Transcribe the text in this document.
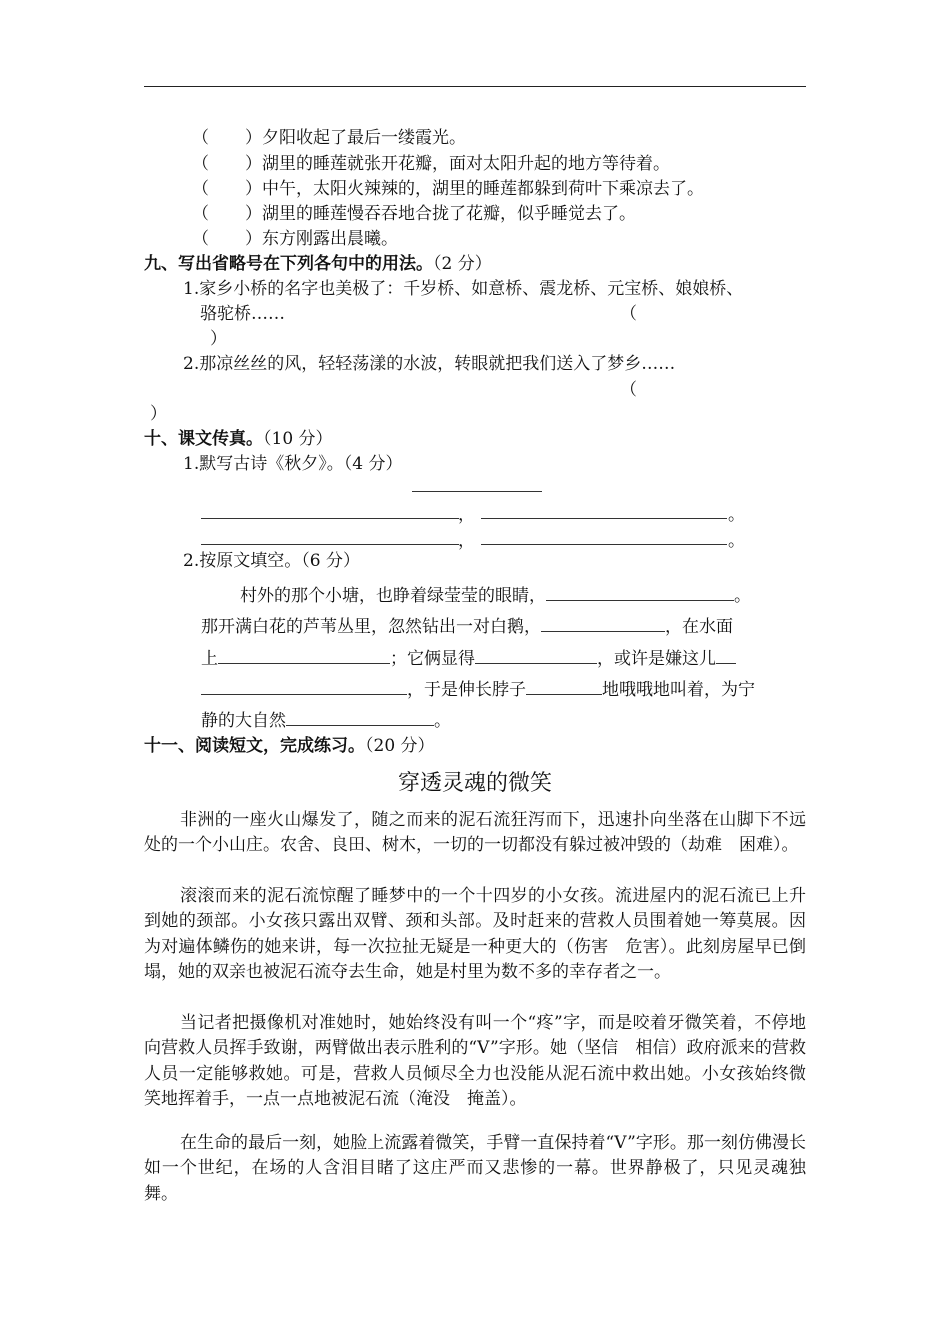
（ ）夕阳收起了最后一缕霞光。
（ ）湖里的睡莲就张开花瓣，面对太阳升起的地方等待着。
（ ）中午，太阳火辣辣的，湖里的睡莲都躲到荷叶下乘凉去了。
（ ）湖里的睡莲慢吞吞地合拢了花瓣，似乎睡觉去了。
（ ）东方刚露出晨曦。
九、写出省略号在下列各句中的用法。（2 分）
1.家乡小桥的名字也美极了：千岁桥、如意桥、震龙桥、元宝桥、娘娘桥、
骆驼桥……	（
）
2.那凉丝丝的风，轻轻荡漾的水波，转眼就把我们送入了梦乡……
（
）
十、课文传真。（10 分）
1.默写古诗《秋夕》。（4 分）
，	。
，	。
2.按原文填空。（6 分）
村外的那个小塘，也睁着绿莹莹的眼睛，	。
那开满白花的芦苇丛里，忽然钻出一对白鹅，	，在水面
上	；它俩显得	，或许是嫌这儿
，于是伸长脖子	地哦哦地叫着，为宁
静的大自然	。
十一、阅读短文，完成练习。（20 分）
穿透灵魂的微笑
非洲的一座火山爆发了，随之而来的泥石流狂泻而下，迅速扑向坐落在山脚下不远处的一个小山庄。农舍、良田、树木，一切的一切都没有躲过被冲毁的（劫难　困难）。
滚滚而来的泥石流惊醒了睡梦中的一个十四岁的小女孩。流进屋内的泥石流已上升到她的颈部。小女孩只露出双臂、颈和头部。及时赶来的营救人员围着她一筹莫展。因为对遍体鳞伤的她来讲，每一次拉扯无疑是一种更大的（伤害　危害）。此刻房屋早已倒塌，她的双亲也被泥石流夺去生命，她是村里为数不多的幸存者之一。
当记者把摄像机对准她时，她始终没有叫一个“疼”字，而是咬着牙微笑着，不停地向营救人员挥手致谢，两臂做出表示胜利的“V”字形。她（坚信　相信）政府派来的营救人员一定能够救她。可是，营救人员倾尽全力也没能从泥石流中救出她。小女孩始终微笑地挥着手，一点一点地被泥石流（淹没　掩盖）。
在生命的最后一刻，她脸上流露着微笑，手臂一直保持着“V”字形。那一刻仿佛漫长如一个世纪，在场的人含泪目睹了这庄严而又悲惨的一幕。世界静极了，只见灵魂独舞。
